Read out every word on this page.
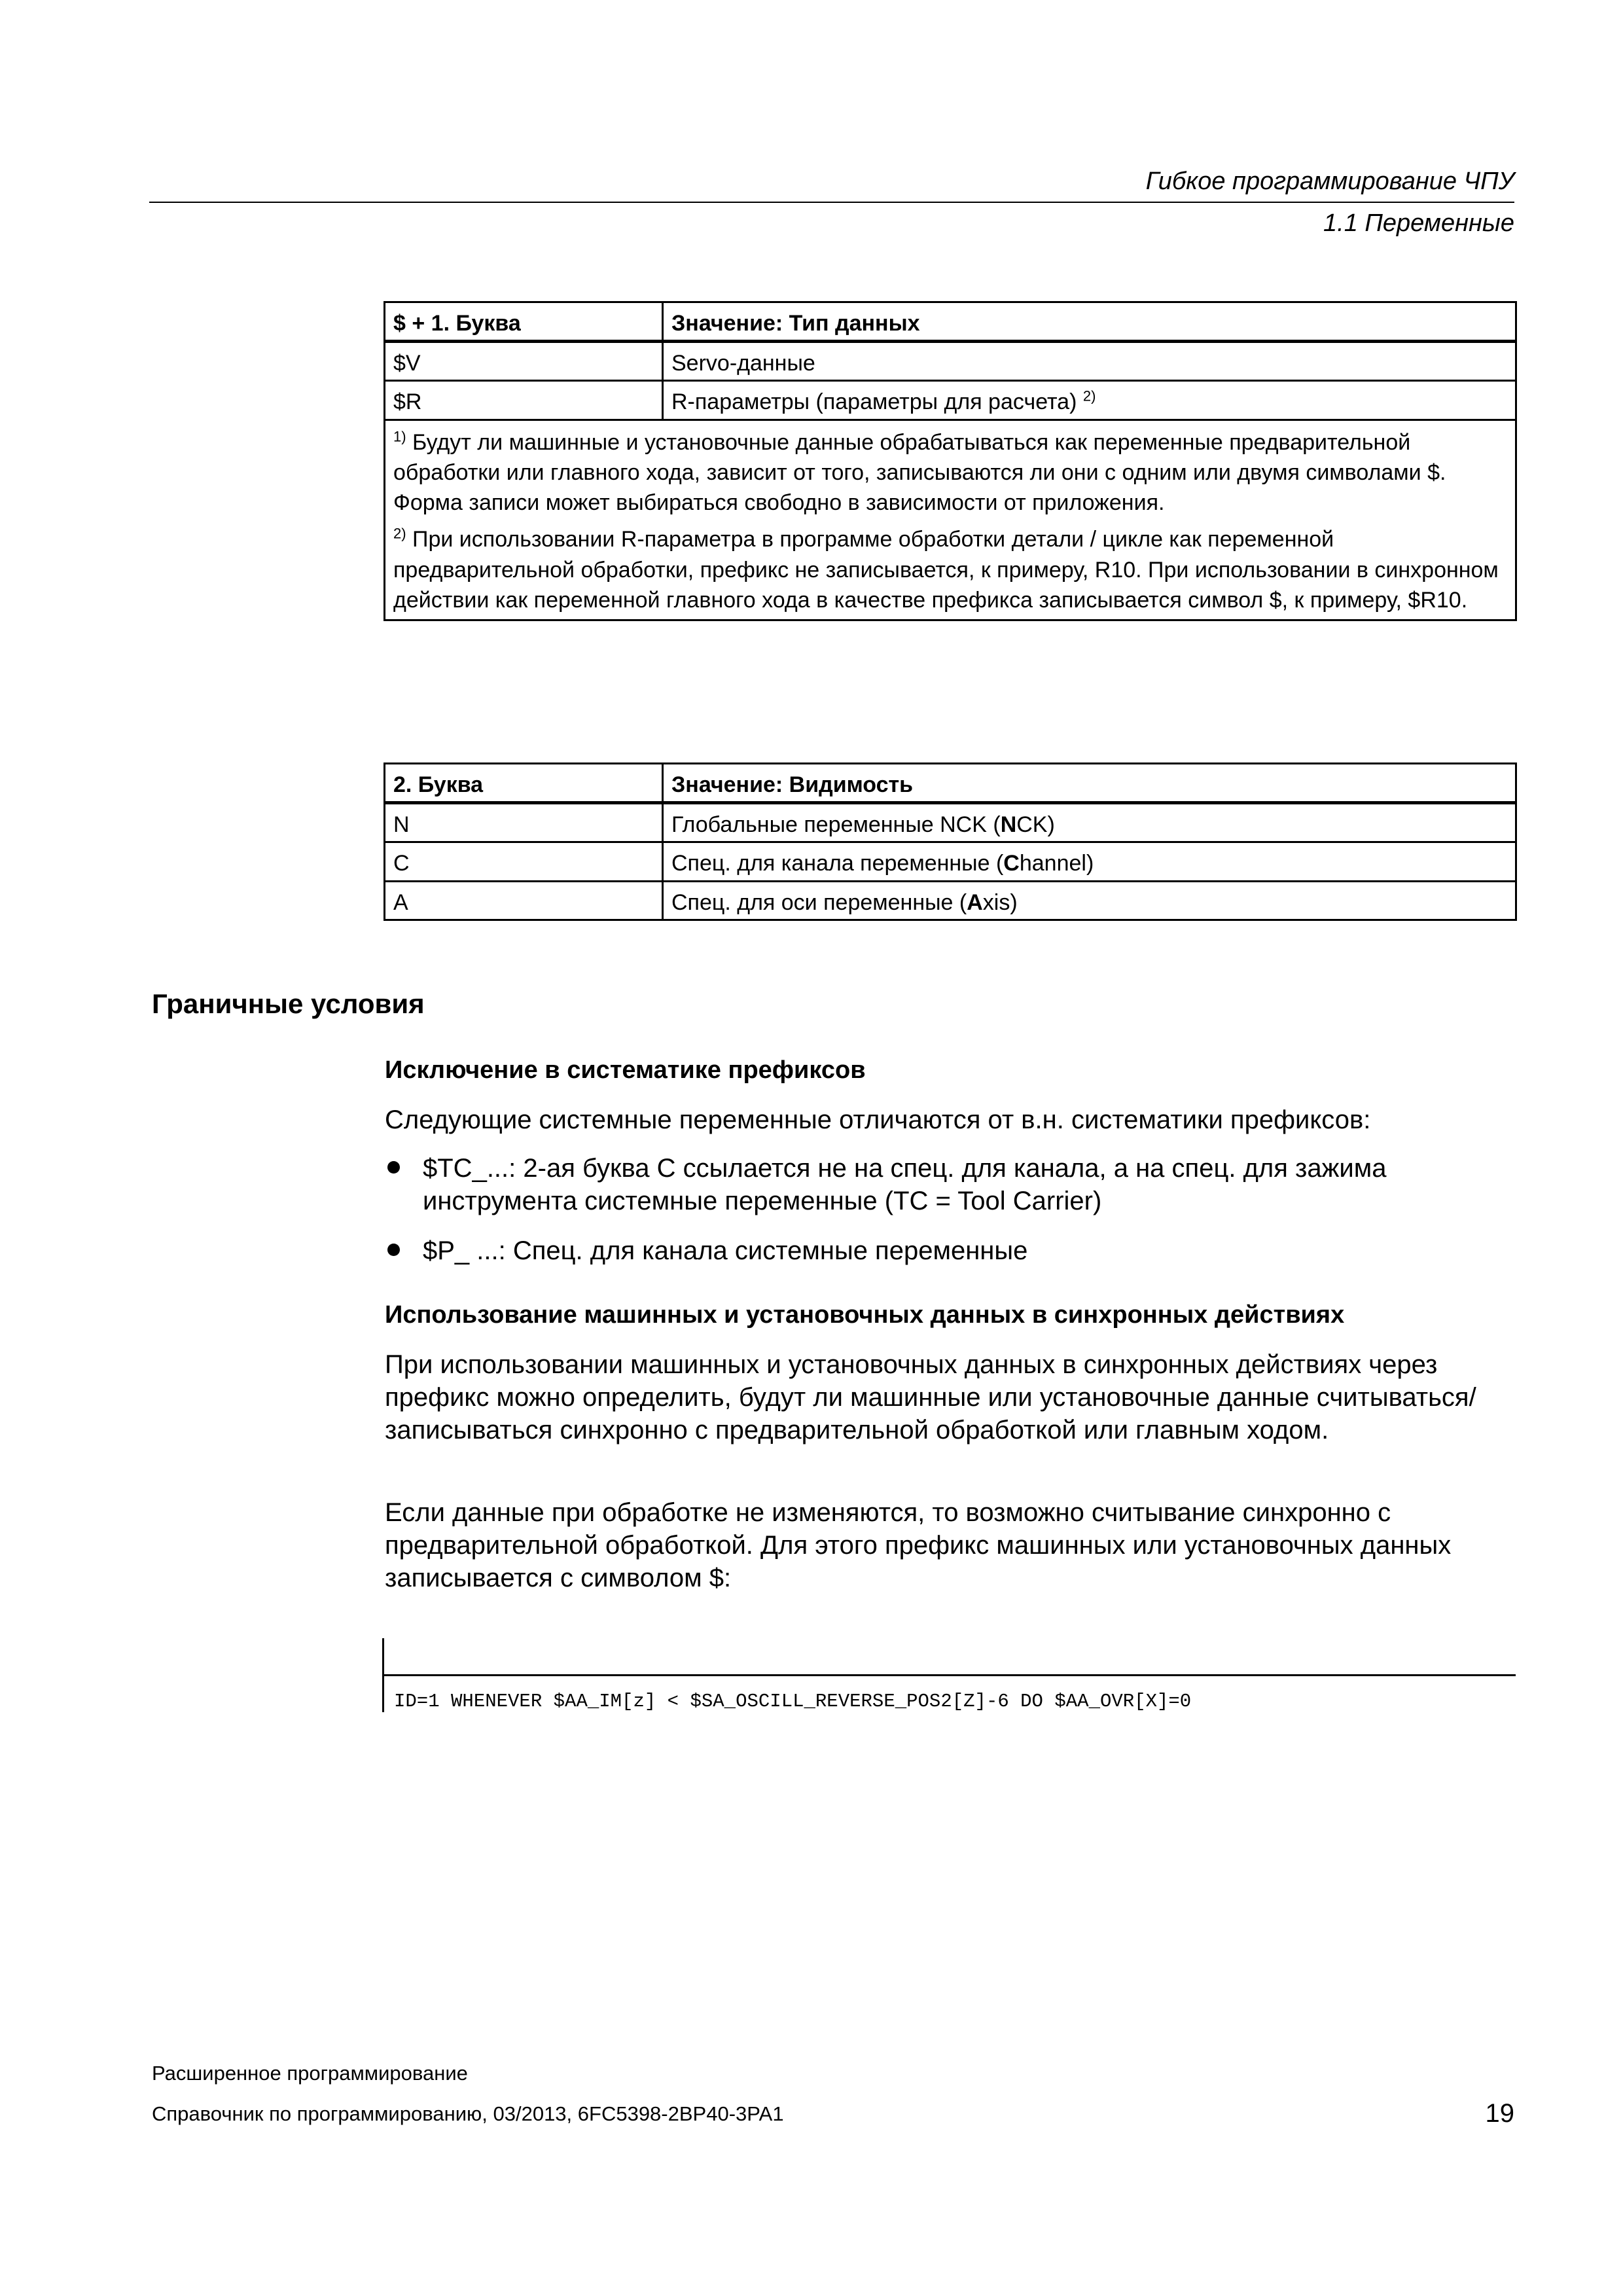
Гибкое программирование ЧПУ
1.1 Переменные
$ + 1. Буква	Значение: Тип данных
$V	Servo-данные
$R	R-параметры (параметры для расчета) $^{2)}$

$^{1)}$ Будут ли машинные и установочные данные обрабатываться как переменные предварительной обработки или главного хода, зависит от того, записываются ли они с одним или двумя символами $. Форма записи может выбираться свободно в зависимости от приложения.

$^{2)}$ При использовании R-параметра в программе обработки детали / цикле как переменной предварительной обработки, префикс не записывается, к примеру, R10. При использовании в синхронном действии как переменной главного хода в качестве префикса записывается символ $, к примеру, $R10.	

2. Буква	Значение: Видимость
N	Глобальные переменные NCK (NCK)
C	Спец. для канала переменные (Channel)
A	Спец. для оси переменные (Axis)
Граничные условия
Исключение в систематике префиксов

Следующие системные переменные отличаются от в.н. систематики префиксов:

$TC_...: 2-ая буква C ссылается не на спец. для канала, а на спец. для зажима инструмента системные переменные (TC = Tool Carrier)
$P_ ...: Спец. для канала системные переменные
Использование машинных и установочных данных в синхронных действиях

При использовании машинных и установочных данных в синхронных действиях через префикс можно определить, будут ли машинные или установочные данные считываться/записываться синхронно с предварительной обработкой или главным ходом.

Если данные при обработке не изменяются, то возможно считывание синхронно с предварительной обработкой. Для этого префикс машинных или установочных данных записывается с символом $:

ID=1 WHENEVER $AA_IM[z] < $SA_OSCILL_REVERSE_POS2[Z]-6 DO $AA_OVR[X]=0
Расширенное программирование
Справочник по программированию, 03/2013, 6FC5398-2BP40-3PA1	19
